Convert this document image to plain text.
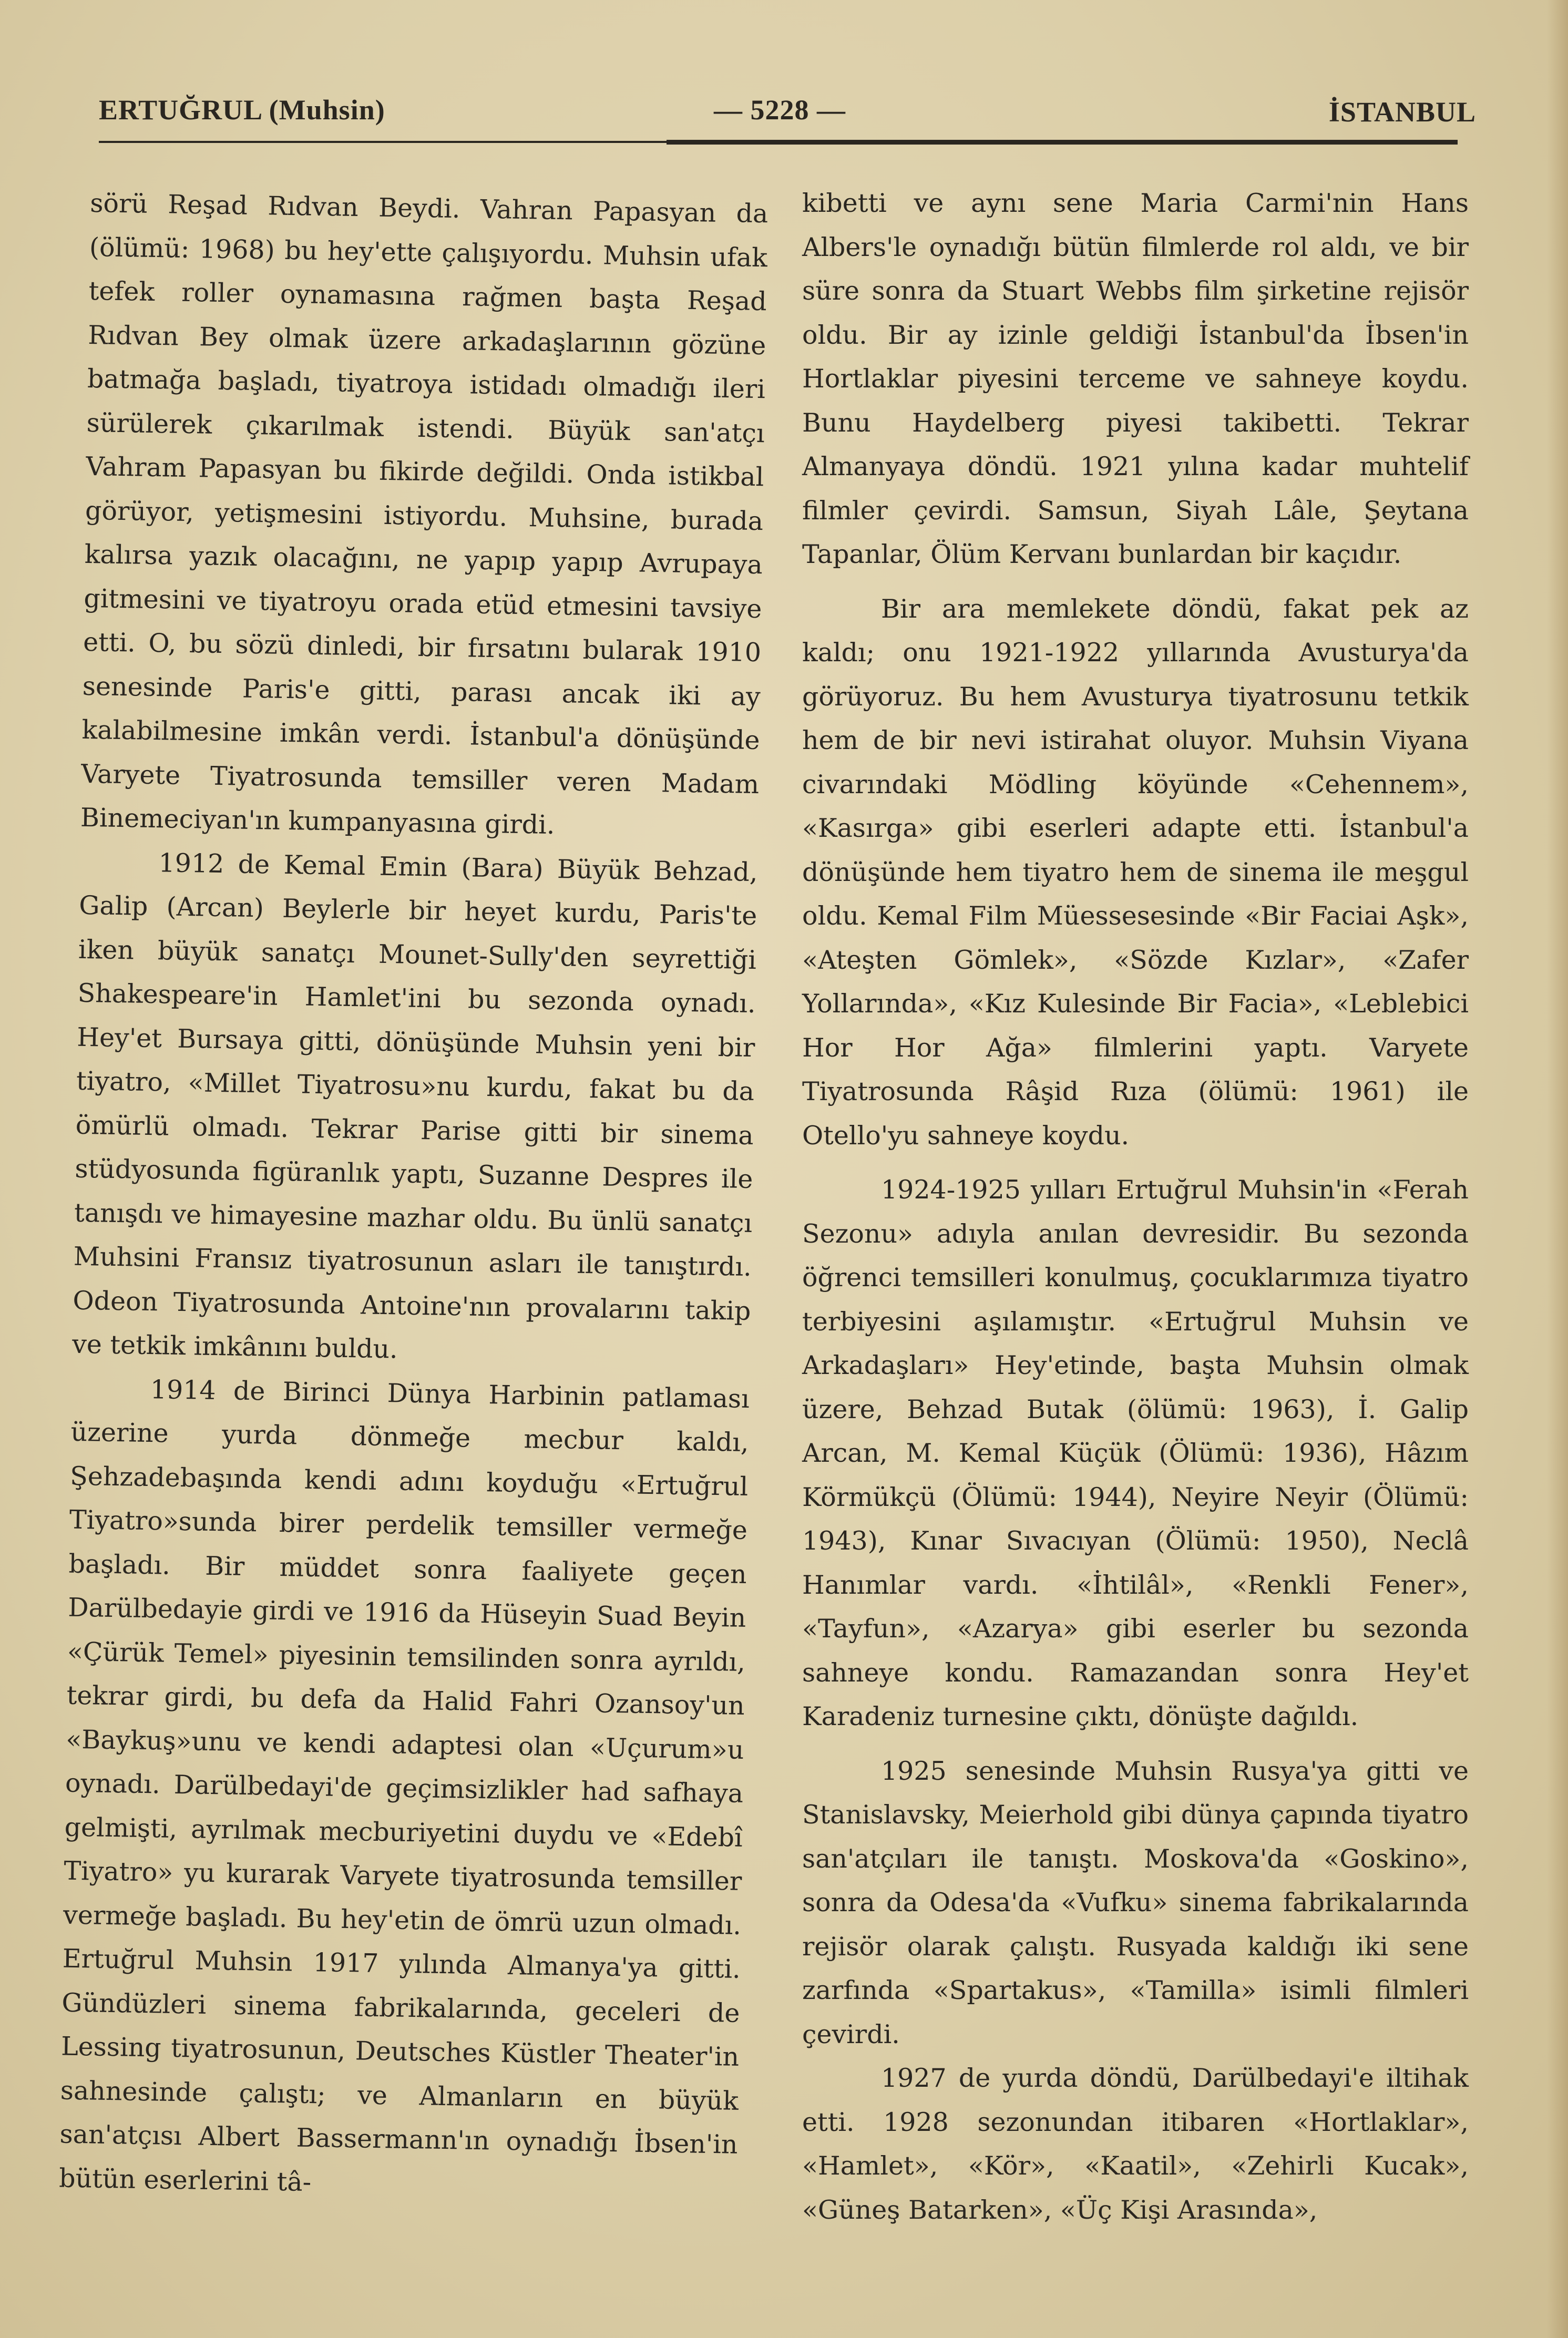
ERTUĞRUL (Muhsin)	— 5228 —	İSTANBUL

sörü Reşad Rıdvan Beydi. Vahran Papasyan da (ölümü: 1968) bu hey'ette çalışıyordu. Muhsin ufak tefek roller oynamasına rağmen başta Reşad Rıdvan Bey olmak üzere arkadaşlarının gözüne batmağa başladı, tiyatroya istidadı olmadığı ileri sürülerek çıkarılmak istendi. Büyük san'atçı Vahram Papasyan bu fikirde değildi. Onda istikbal görüyor, yetişmesini istiyordu. Muhsine, burada kalırsa yazık olacağını, ne yapıp yapıp Avrupaya gitmesini ve tiyatroyu orada etüd etmesini tavsiye etti. O, bu sözü dinledi, bir fırsatını bularak 1910 senesinde Paris'e gitti, parası ancak iki ay kalabilmesine imkân verdi. İstanbul'a dönüşünde Varyete Tiyatrosunda temsiller veren Madam Binemeciyan'ın kumpanyasına girdi.

1912 de Kemal Emin (Bara) Büyük Behzad, Galip (Arcan) Beylerle bir heyet kurdu, Paris'te iken büyük sanatçı Mounet-Sully'den seyrettiği Shakespeare'in Hamlet'ini bu sezonda oynadı. Hey'et Bursaya gitti, dönüşünde Muhsin yeni bir tiyatro, «Millet Tiyatrosu»nu kurdu, fakat bu da ömürlü olmadı. Tekrar Parise gitti bir sinema stüdyosunda figüranlık yaptı, Suzanne Despres ile tanışdı ve himayesine mazhar oldu. Bu ünlü sanatçı Muhsini Fransız tiyatrosunun asları ile tanıştırdı. Odeon Tiyatrosunda Antoine'nın provalarını takip ve tetkik imkânını buldu.

1914 de Birinci Dünya Harbinin patlaması üzerine yurda dönmeğe mecbur kaldı, Şehzadebaşında kendi adını koyduğu «Ertuğrul Tiyatro»sunda birer perdelik temsiller vermeğe başladı. Bir müddet sonra faaliyete geçen Darülbedayie girdi ve 1916 da Hüseyin Suad Beyin «Çürük Temel» piyesinin temsilinden sonra ayrıldı, tekrar girdi, bu defa da Halid Fahri Ozansoy'un «Baykuş»unu ve kendi adaptesi olan «Uçurum»u oynadı. Darülbedayi'de geçimsizlikler had safhaya gelmişti, ayrılmak mecburiyetini duydu ve «Edebî Tiyatro» yu kurarak Varyete tiyatrosunda temsiller vermeğe başladı. Bu hey'etin de ömrü uzun olmadı. Ertuğrul Muhsin 1917 yılında Almanya'ya gitti. Gündüzleri sinema fabrikalarında, geceleri de Lessing tiyatrosunun, Deutsches Küstler Theater'in sahnesinde çalıştı; ve Almanların en büyük san'atçısı Albert Bassermann'ın oynadığı İbsen'in bütün eserlerini tâ-

kibetti ve aynı sene Maria Carmi'nin Hans Albers'le oynadığı bütün filmlerde rol aldı, ve bir süre sonra da Stuart Webbs film şirketine rejisör oldu. Bir ay izinle geldiği İstanbul'da İbsen'in Hortlaklar piyesini terceme ve sahneye koydu. Bunu Haydelberg piyesi takibetti. Tekrar Almanyaya döndü. 1921 yılına kadar muhtelif filmler çevirdi. Samsun, Siyah Lâle, Şeytana Tapanlar, Ölüm Kervanı bunlardan bir kaçıdır.

Bir ara memlekete döndü, fakat pek az kaldı; onu 1921-1922 yıllarında Avusturya'da görüyoruz. Bu hem Avusturya tiyatrosunu tetkik hem de bir nevi istirahat oluyor. Muhsin Viyana civarındaki Mödling köyünde «Cehennem», «Kasırga» gibi eserleri adapte etti. İstanbul'a dönüşünde hem tiyatro hem de sinema ile meşgul oldu. Kemal Film Müessesesinde «Bir Faciai Aşk», «Ateşten Gömlek», «Sözde Kızlar», «Zafer Yollarında», «Kız Kulesinde Bir Facia», «Leblebici Hor Hor Ağa» filmlerini yaptı. Varyete Tiyatrosunda Râşid Rıza (ölümü: 1961) ile Otello'yu sahneye koydu.

1924-1925 yılları Ertuğrul Muhsin'in «Ferah Sezonu» adıyla anılan devresidir. Bu sezonda öğrenci temsilleri konulmuş, çocuklarımıza tiyatro terbiyesini aşılamıştır. «Ertuğrul Muhsin ve Arkadaşları» Hey'etinde, başta Muhsin olmak üzere, Behzad Butak (ölümü: 1963), İ. Galip Arcan, M. Kemal Küçük (Ölümü: 1936), Hâzım Körmükçü (Ölümü: 1944), Neyire Neyir (Ölümü: 1943), Kınar Sıvacıyan (Ölümü: 1950), Neclâ Hanımlar vardı. «İhtilâl», «Renkli Fener», «Tayfun», «Azarya» gibi eserler bu sezonda sahneye kondu. Ramazandan sonra Hey'et Karadeniz turnesine çıktı, dönüşte dağıldı.

1925 senesinde Muhsin Rusya'ya gitti ve Stanislavsky, Meierhold gibi dünya çapında tiyatro san'atçıları ile tanıştı. Moskova'da «Goskino», sonra da Odesa'da «Vufku» sinema fabrikalarında rejisör olarak çalıştı. Rusyada kaldığı iki sene zarfında «Spartakus», «Tamilla» isimli filmleri çevirdi.

1927 de yurda döndü, Darülbedayi'e iltihak etti. 1928 sezonundan itibaren «Hortlaklar», «Hamlet», «Kör», «Kaatil», «Zehirli Kucak», «Güneş Batarken», «Üç Kişi Arasında»,
